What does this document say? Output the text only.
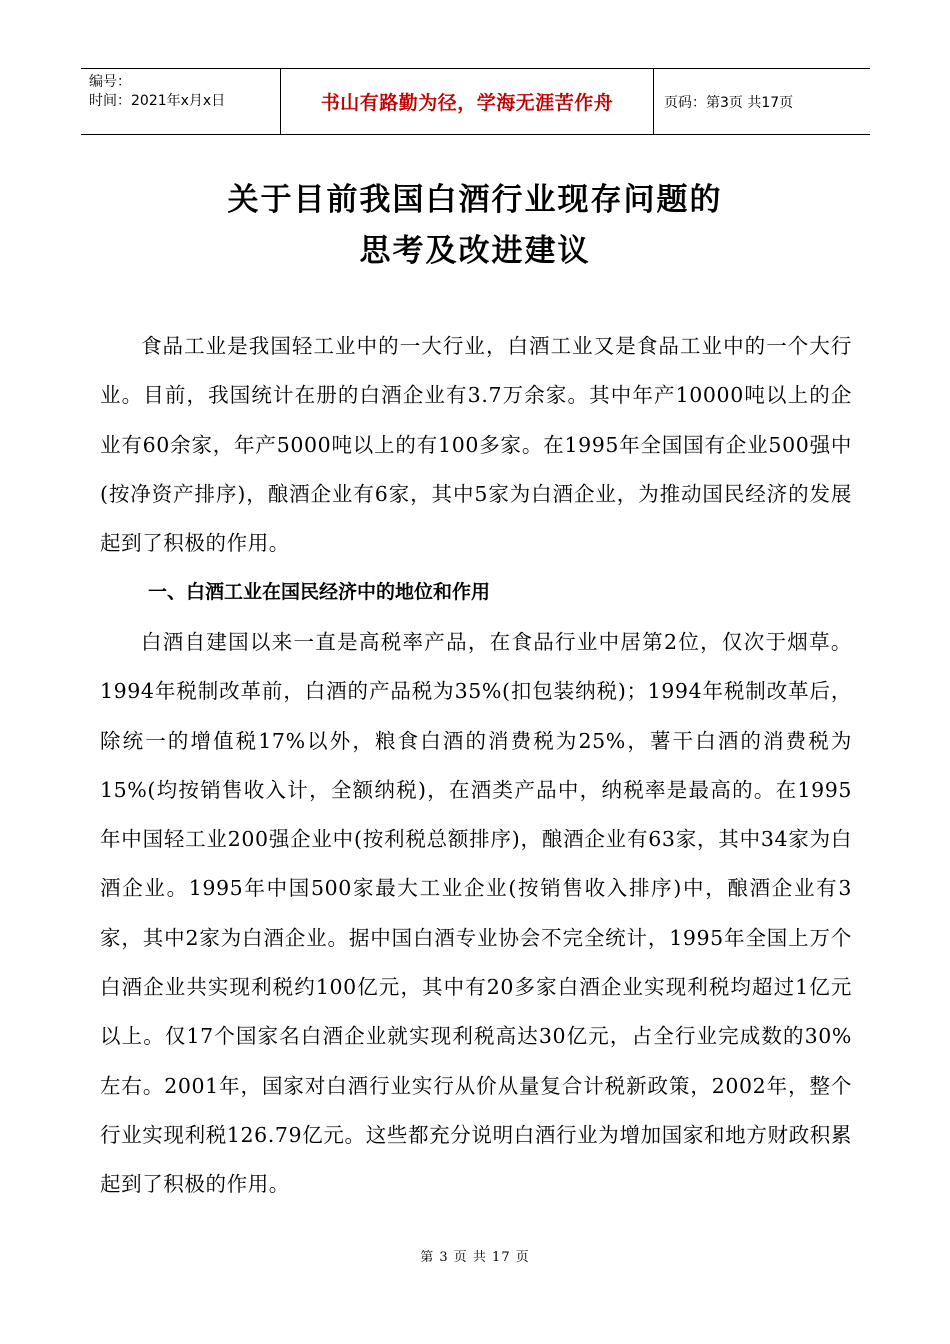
编号：
时间：2021年x月x日	书山有路勤为径，学海无涯苦作舟	页码：第3页 共17页
关于目前我国白酒行业现存问题的
思考及改进建议

食品工业是我国轻工业中的一大行业，白酒工业又是食品工业中的一个大行业。目前，我国统计在册的白酒企业有3.7万余家。其中年产10000吨以上的企业有60余家，年产5000吨以上的有100多家。在1995年全国国有企业500强中(按净资产排序)，酿酒企业有6家，其中5家为白酒企业，为推动国民经济的发展起到了积极的作用。

一、白酒工业在国民经济中的地位和作用

白酒自建国以来一直是高税率产品，在食品行业中居第2位，仅次于烟草。1994年税制改革前，白酒的产品税为35%(扣包装纳税)；1994年税制改革后，除统一的增值税17%以外，粮食白酒的消费税为25%，薯干白酒的消费税为15%(均按销售收入计，全额纳税)，在酒类产品中，纳税率是最高的。在1995年中国轻工业200强企业中(按利税总额排序)，酿酒企业有63家，其中34家为白酒企业。1995年中国500家最大工业企业(按销售收入排序)中，酿酒企业有3家，其中2家为白酒企业。据中国白酒专业协会不完全统计，1995年全国上万个白酒企业共实现利税约100亿元，其中有20多家白酒企业实现利税均超过1亿元以上。仅17个国家名白酒企业就实现利税高达30亿元，占全行业完成数的30%左右。2001年，国家对白酒行业实行从价从量复合计税新政策，2002年，整个行业实现利税126.79亿元。这些都充分说明白酒行业为增加国家和地方财政积累起到了积极的作用。

第 3 页 共 17 页
